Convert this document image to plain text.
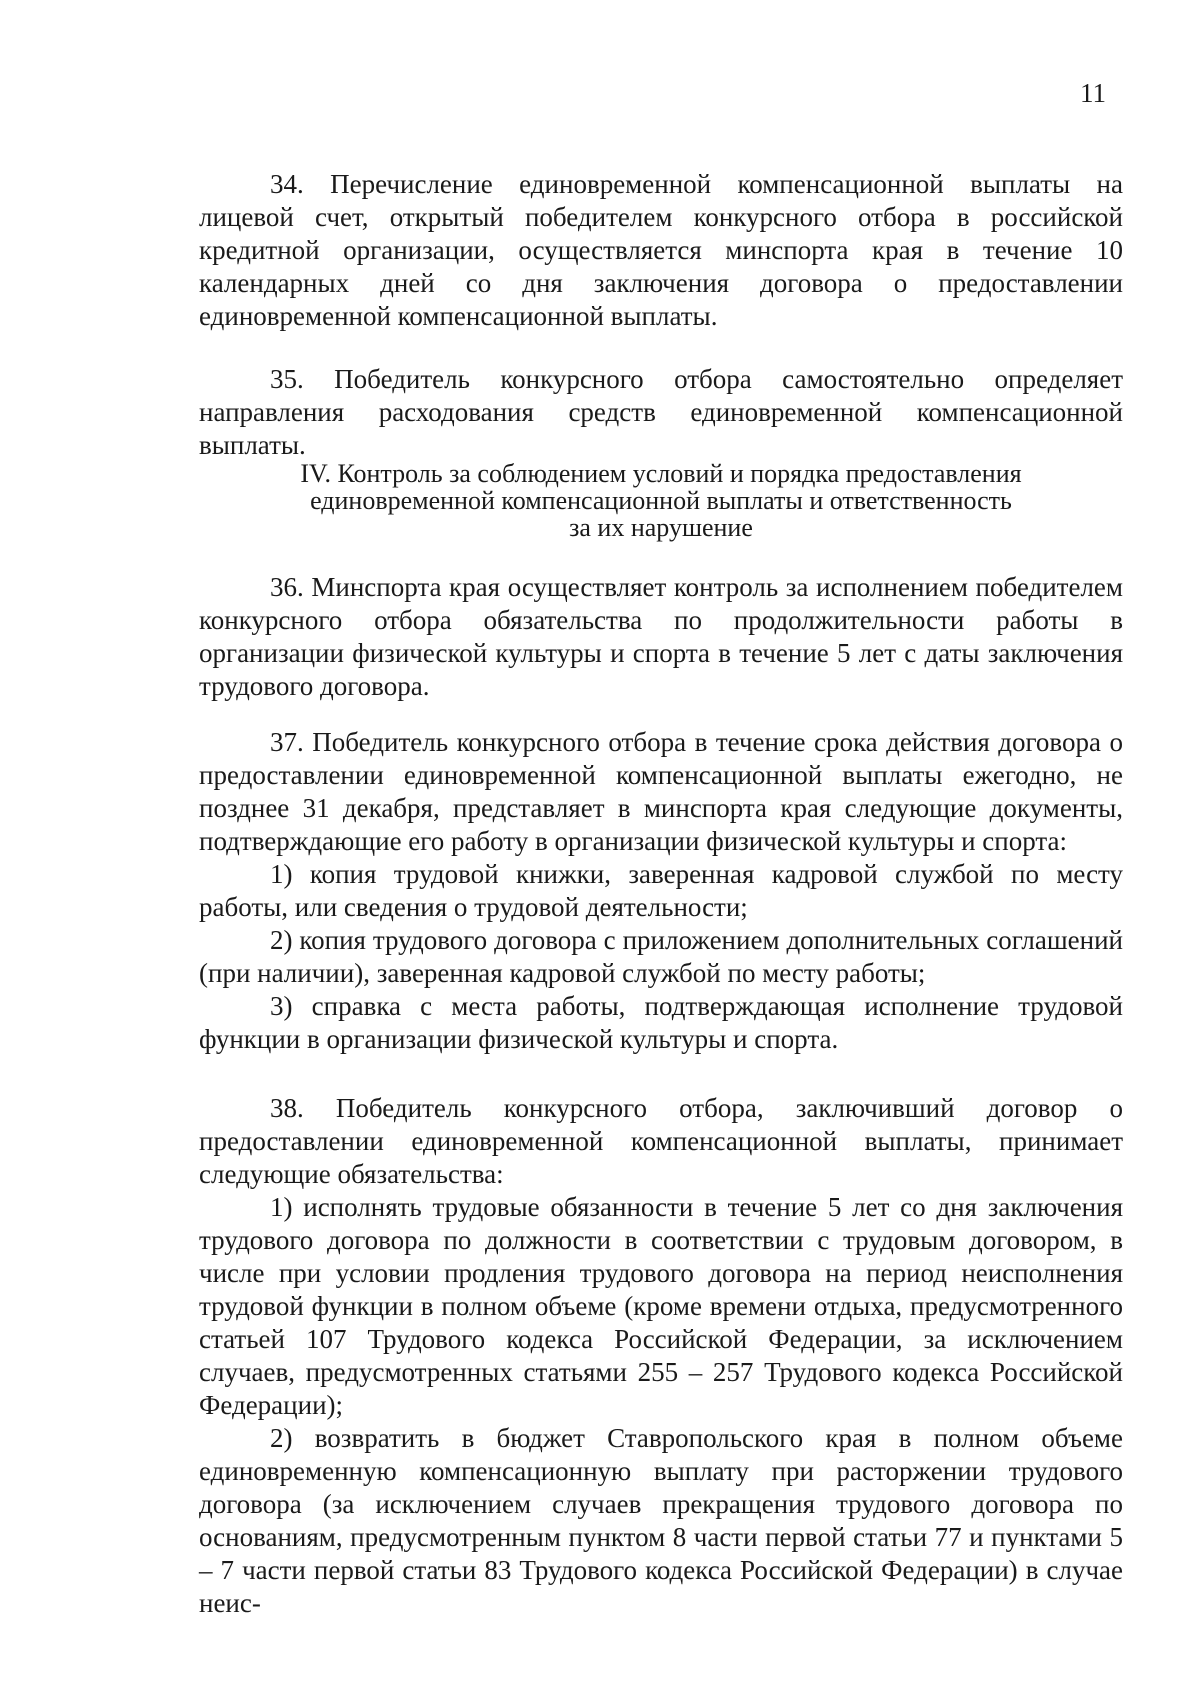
11

34. Перечисление единовременной компенсационной выплаты на лицевой счет, открытый победителем конкурсного отбора в российской кредитной организации, осуществляется минспорта края в течение 10 календарных дней со дня заключения договора о предоставлении единовременной компенсационной выплаты.

35. Победитель конкурсного отбора самостоятельно определяет направления расходования средств единовременной компенсационной выплаты.

IV. Контроль за соблюдением условий и порядка предоставления
единовременной компенсационной выплаты и ответственность
за их нарушение

36. Минспорта края осуществляет контроль за исполнением победителем конкурсного отбора обязательства по продолжительности работы в организации физической культуры и спорта в течение 5 лет с даты заключения трудового договора.

37. Победитель конкурсного отбора в течение срока действия договора о предоставлении единовременной компенсационной выплаты ежегодно, не позднее 31 декабря, представляет в минспорта края следующие документы, подтверждающие его работу в организации физической культуры и спорта:

1) копия трудовой книжки, заверенная кадровой службой по месту работы, или сведения о трудовой деятельности;

2) копия трудового договора с приложением дополнительных соглашений (при наличии), заверенная кадровой службой по месту работы;

3) справка с места работы, подтверждающая исполнение трудовой функции в организации физической культуры и спорта.

38. Победитель конкурсного отбора, заключивший договор о предоставлении единовременной компенсационной выплаты, принимает следующие обязательства:

1) исполнять трудовые обязанности в течение 5 лет со дня заключения трудового договора по должности в соответствии с трудовым договором, в числе при условии продления трудового договора на период неисполнения трудовой функции в полном объеме (кроме времени отдыха, предусмотренного статьей 107 Трудового кодекса Российской Федерации, за исключением случаев, предусмотренных статьями 255 – 257 Трудового кодекса Российской Федерации);

2) возвратить в бюджет Ставропольского края в полном объеме единовременную компенсационную выплату при расторжении трудового договора (за исключением случаев прекращения трудового договора по основаниям, предусмотренным пунктом 8 части первой статьи 77 и пунктами 5 – 7 части первой статьи 83 Трудового кодекса Российской Федерации) в случае неис-
